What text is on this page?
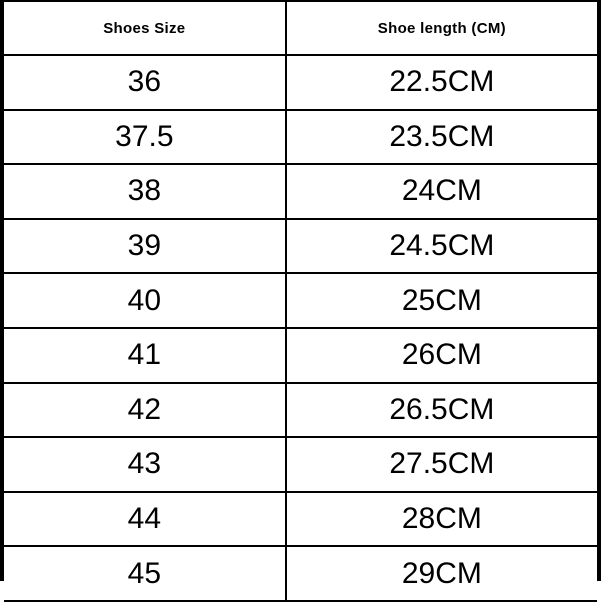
Shoes Size	Shoe length (CM)
36	22.5CM
37.5	23.5CM
38	24CM
39	24.5CM
40	25CM
41	26CM
42	26.5CM
43	27.5CM
44	28CM
45	29CM
